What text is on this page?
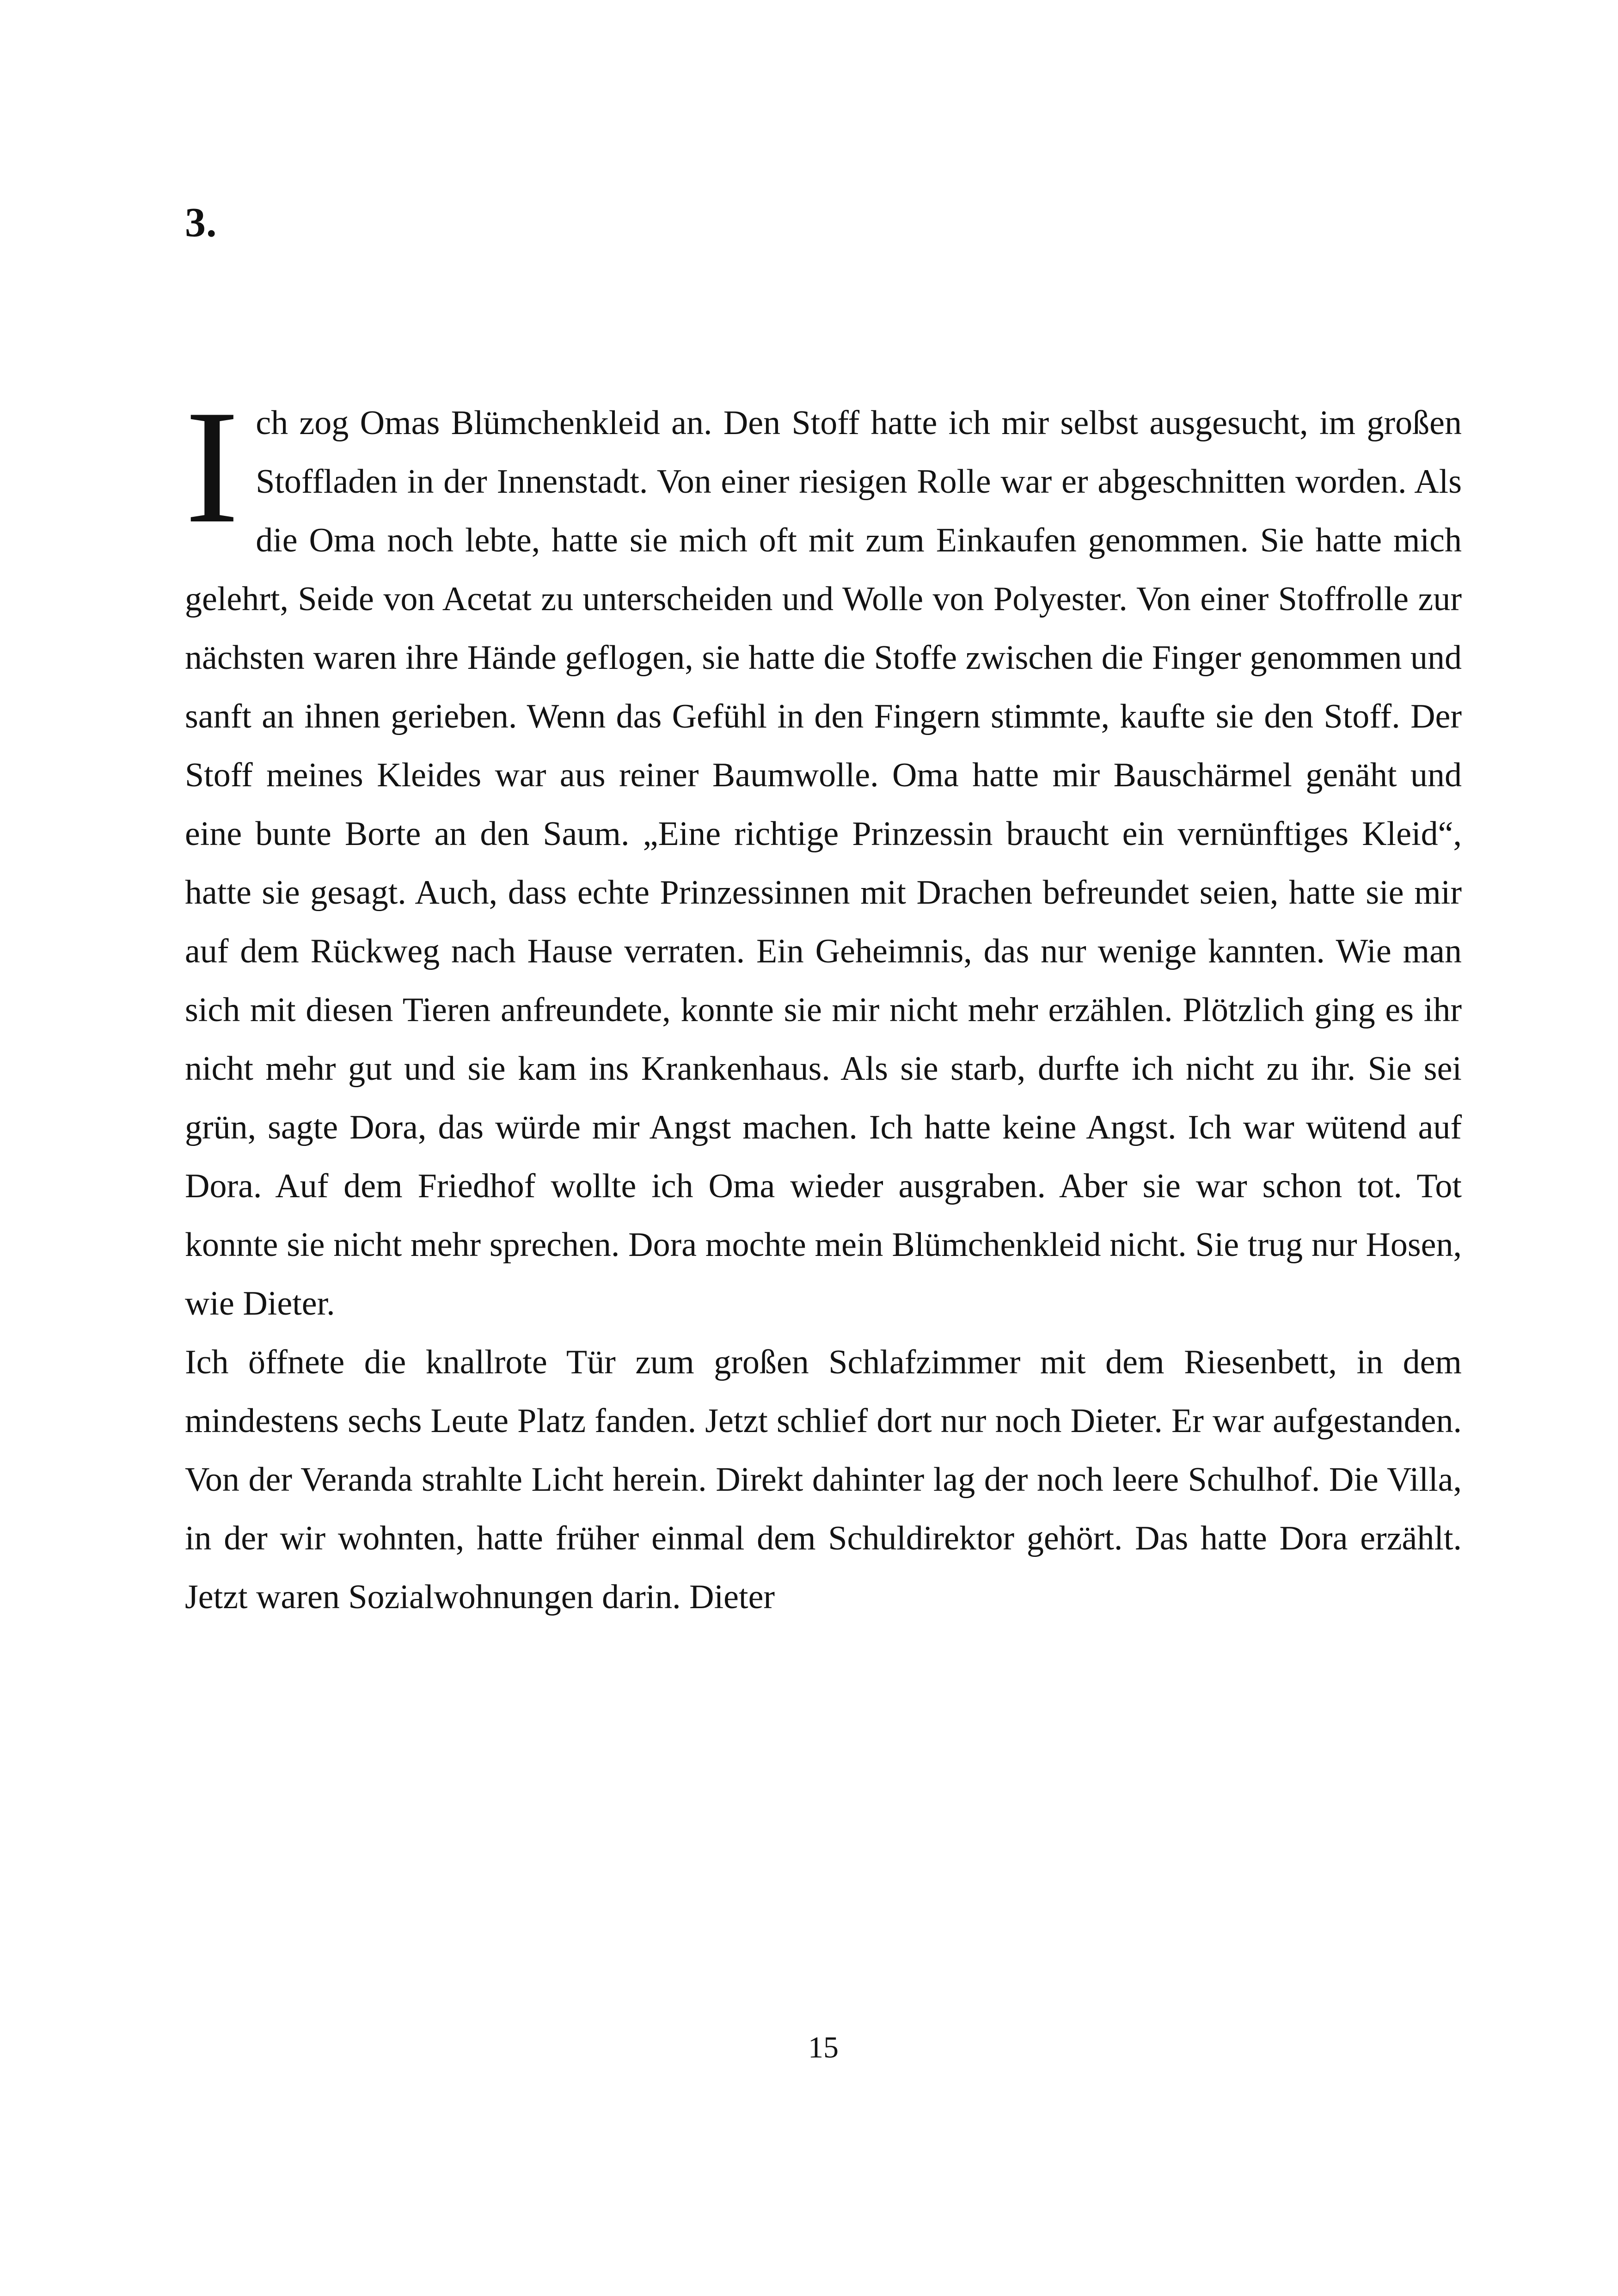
3.

Ich zog Omas Blümchenkleid an. Den Stoff hatte ich mir selbst ausgesucht, im großen Stoffladen in der Innenstadt. Von einer riesigen Rolle war er abgeschnitten worden. Als die Oma noch lebte, hatte sie mich oft mit zum Einkaufen genommen. Sie hatte mich gelehrt, Seide von Acetat zu unterscheiden und Wolle von Polyester. Von einer Stoffrolle zur nächsten waren ihre Hände geflogen, sie hatte die Stoffe zwischen die Finger genommen und sanft an ihnen gerieben. Wenn das Gefühl in den Fingern stimmte, kaufte sie den Stoff. Der Stoff meines Kleides war aus reiner Baumwolle. Oma hatte mir Bauschärmel genäht und eine bunte Borte an den Saum. „Eine richtige Prinzessin braucht ein vernünftiges Kleid“, hatte sie gesagt. Auch, dass echte Prinzessinnen mit Drachen befreundet seien, hatte sie mir auf dem Rückweg nach Hause verraten. Ein Geheimnis, das nur wenige kannten. Wie man sich mit diesen Tieren anfreundete, konnte sie mir nicht mehr erzählen. Plötzlich ging es ihr nicht mehr gut und sie kam ins Krankenhaus. Als sie starb, durfte ich nicht zu ihr. Sie sei grün, sagte Dora, das würde mir Angst machen. Ich hatte keine Angst. Ich war wütend auf Dora. Auf dem Friedhof wollte ich Oma wieder ausgraben. Aber sie war schon tot. Tot konnte sie nicht mehr sprechen. Dora mochte mein Blümchenkleid nicht. Sie trug nur Hosen, wie Dieter.

Ich öffnete die knallrote Tür zum großen Schlafzimmer mit dem Riesenbett, in dem mindestens sechs Leute Platz fanden. Jetzt schlief dort nur noch Dieter. Er war aufgestanden. Von der Veranda strahlte Licht herein. Direkt dahinter lag der noch leere Schulhof. Die Villa, in der wir wohnten, hatte früher einmal dem Schuldirektor gehört. Das hatte Dora erzählt. Jetzt waren Sozialwohnungen darin. Dieter

15
